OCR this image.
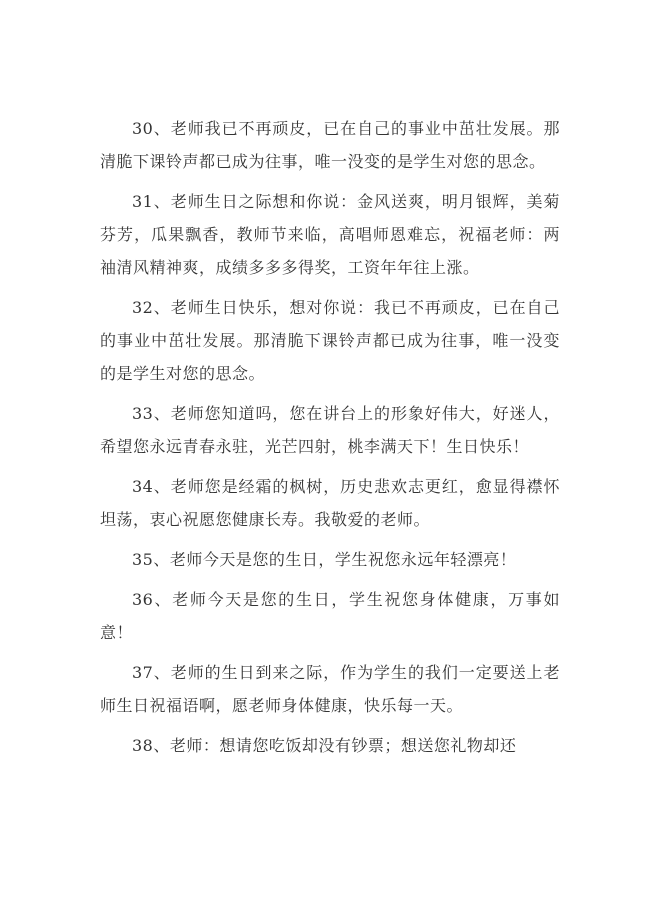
30、老师我已不再顽皮，已在自己的事业中茁壮发展。那清脆下课铃声都已成为往事，唯一没变的是学生对您的思念。

31、老师生日之际想和你说：金风送爽，明月银辉，美菊芬芳，瓜果飘香，教师节来临，高唱师恩难忘，祝福老师：两袖清风精神爽，成绩多多多得奖，工资年年往上涨。

32、老师生日快乐，想对你说：我已不再顽皮，已在自己的事业中茁壮发展。那清脆下课铃声都已成为往事，唯一没变的是学生对您的思念。

33、老师您知道吗，您在讲台上的形象好伟大，好迷人，希望您永远青春永驻，光芒四射，桃李满天下！生日快乐！

34、老师您是经霜的枫树，历史悲欢志更红，愈显得襟怀坦荡，衷心祝愿您健康长寿。我敬爱的老师。

35、老师今天是您的生日，学生祝您永远年轻漂亮！

36、老师今天是您的生日，学生祝您身体健康，万事如意！

37、老师的生日到来之际，作为学生的我们一定要送上老师生日祝福语啊，愿老师身体健康，快乐每一天。

38、老师：想请您吃饭却没有钞票；想送您礼物却还
